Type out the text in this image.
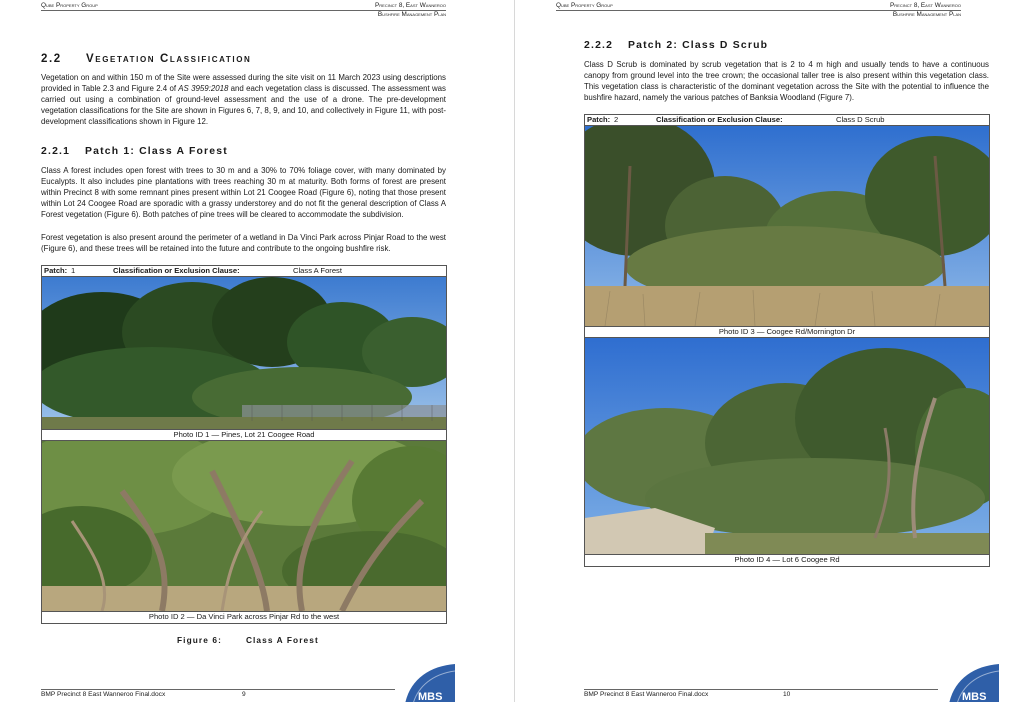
Qube Property Group	Precinct 8, East Wanneroo
Bushfire Management Plan
2.2 Vegetation Classification

Vegetation on and within 150 m of the Site were assessed during the site visit on 11 March 2023 using descriptions provided in Table 2.3 and Figure 2.4 of AS 3959:2018 and each vegetation class is discussed. The assessment was carried out using a combination of ground-level assessment and the use of a drone. The pre-development vegetation classifications for the Site are shown in Figures 6, 7, 8, 9, and 10, and collectively in Figure 11, with post-development classifications shown in Figure 12.

2.2.1 Patch 1: Class A Forest

Class A forest includes open forest with trees to 30 m and a 30% to 70% foliage cover, with many dominated by Eucalypts. It also includes pine plantations with trees reaching 30 m at maturity. Both forms of forest are present within Precinct 8 with some remnant pines present within Lot 21 Coogee Road (Figure 6), noting that those present within Lot 24 Coogee Road are sporadic with a grassy understorey and do not fit the general description of Class A Forest vegetation (Figure 6). Both patches of pine trees will be cleared to accommodate the subdivision.

Forest vegetation is also present around the perimeter of a wetland in Da Vinci Park across Pinjar Road to the west (Figure 6), and these trees will be retained into the future and contribute to the ongoing bushfire risk.

Patch: 1	Classification or Exclusion Clause:	Class A Forest
Photo ID 1 — Pines, Lot 21 Coogee Road
Photo ID 2 — Da Vinci Park across Pinjar Rd to the west
Figure 6:	Class A Forest
BMP Precinct 8 East Wanneroo Final.docx	9	MBS
Qube Property Group	Precinct 8, East Wanneroo
Bushfire Management Plan
2.2.2 Patch 2: Class D Scrub

Class D Scrub is dominated by scrub vegetation that is 2 to 4 m high and usually tends to have a continuous canopy from ground level into the tree crown; the occasional taller tree is also present within this vegetation class. This vegetation class is characteristic of the dominant vegetation across the Site with the potential to influence the bushfire hazard, namely the various patches of Banksia Woodland (Figure 7).

Patch: 2	Classification or Exclusion Clause:	Class D Scrub
Photo ID 3 — Coogee Rd/Mornington Dr
Photo ID 4 — Lot 6 Coogee Rd
BMP Precinct 8 East Wanneroo Final.docx	10	MBS
